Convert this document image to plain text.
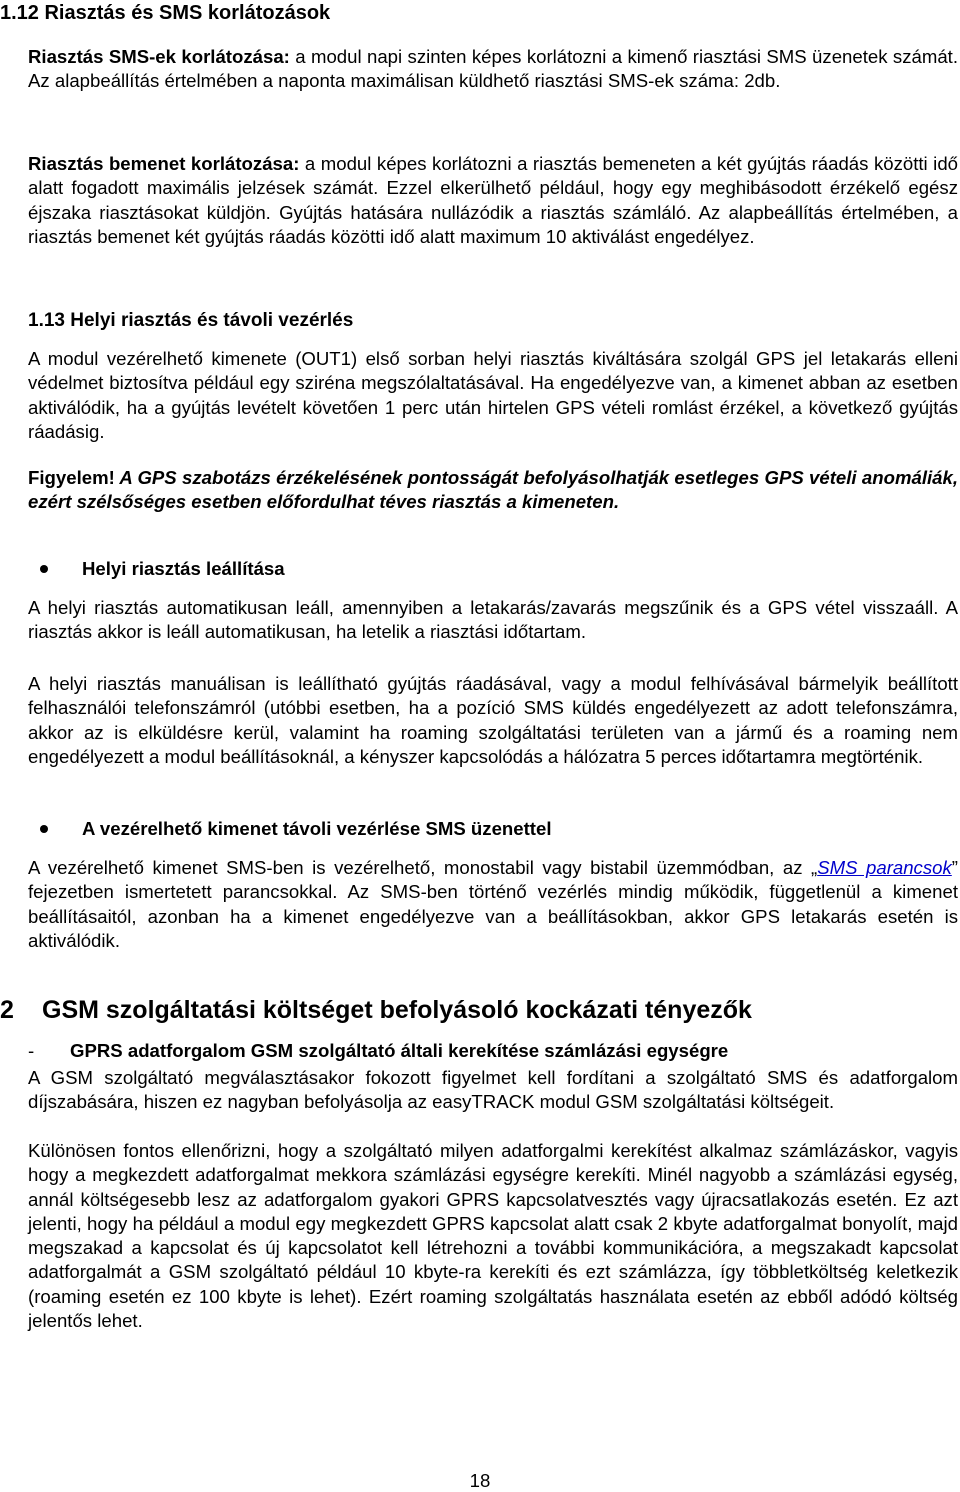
1.12 Riasztás és SMS korlátozások

Riasztás SMS-ek korlátozása: a modul napi szinten képes korlátozni a kimenő riasztási SMS üzenetek számát. Az alapbeállítás értelmében a naponta maximálisan küldhető riasztási SMS-ek száma: 2db.

Riasztás bemenet korlátozása: a modul képes korlátozni a riasztás bemeneten a két gyújtás ráadás közötti idő alatt fogadott maximális jelzések számát. Ezzel elkerülhető például, hogy egy meghibásodott érzékelő egész éjszaka riasztásokat küldjön. Gyújtás hatására nullázódik a riasztás számláló. Az alapbeállítás értelmében, a riasztás bemenet két gyújtás ráadás közötti idő alatt maximum 10 aktiválást engedélyez.

1.13 Helyi riasztás és távoli vezérlés

A modul vezérelhető kimenete (OUT1) első sorban helyi riasztás kiváltására szolgál GPS jel letakarás elleni védelmet biztosítva például egy sziréna megszólaltatásával. Ha engedélyezve van, a kimenet abban az esetben aktiválódik, ha a gyújtás levételt követően 1 perc után hirtelen GPS vételi romlást érzékel, a következő gyújtás ráadásig.

Figyelem! A GPS szabotázs érzékelésének pontosságát befolyásolhatják esetleges GPS vételi anomáliák, ezért szélsőséges esetben előfordulhat téves riasztás a kimeneten.

Helyi riasztás leállítása

A helyi riasztás automatikusan leáll, amennyiben a letakarás/zavarás megszűnik és a GPS vétel visszaáll. A riasztás akkor is leáll automatikusan, ha letelik a riasztási időtartam.

A helyi riasztás manuálisan is leállítható gyújtás ráadásával, vagy a modul felhívásával bármelyik beállított felhasználói telefonszámról (utóbbi esetben, ha a pozíció SMS küldés engedélyezett az adott telefonszámra, akkor az is elküldésre kerül, valamint ha roaming szolgáltatási területen van a jármű és a roaming nem engedélyezett a modul beállításoknál, a kényszer kapcsolódás a hálózatra 5 perces időtartamra megtörténik.

A vezérelhető kimenet távoli vezérlése SMS üzenettel

A vezérelhető kimenet SMS-ben is vezérelhető, monostabil vagy bistabil üzemmódban, az „SMS parancsok” fejezetben ismertetett parancsokkal. Az SMS-ben történő vezérlés mindig működik, függetlenül a kimenet beállításaitól, azonban ha a kimenet engedélyezve van a beállításokban, akkor GPS letakarás esetén is aktiválódik.

2 GSM szolgáltatási költséget befolyásoló kockázati tényezők
- GPRS adatforgalom GSM szolgáltató általi kerekítése számlázási egységre

A GSM szolgáltató megválasztásakor fokozott figyelmet kell fordítani a szolgáltató SMS és adatforgalom díjszabására, hiszen ez nagyban befolyásolja az easyTRACK modul GSM szolgáltatási költségeit.

Különösen fontos ellenőrizni, hogy a szolgáltató milyen adatforgalmi kerekítést alkalmaz számlázáskor, vagyis hogy a megkezdett adatforgalmat mekkora számlázási egységre kerekíti. Minél nagyobb a számlázási egység, annál költségesebb lesz az adatforgalom gyakori GPRS kapcsolatvesztés vagy újracsatlakozás esetén. Ez azt jelenti, hogy ha például a modul egy megkezdett GPRS kapcsolat alatt csak 2 kbyte adatforgalmat bonyolít, majd megszakad a kapcsolat és új kapcsolatot kell létrehozni a további kommunikációra, a megszakadt kapcsolat adatforgalmát a GSM szolgáltató például 10 kbyte-ra kerekíti és ezt számlázza, így többletköltség keletkezik (roaming esetén ez 100 kbyte is lehet). Ezért roaming szolgáltatás használata esetén az ebből adódó költség jelentős lehet.

18
